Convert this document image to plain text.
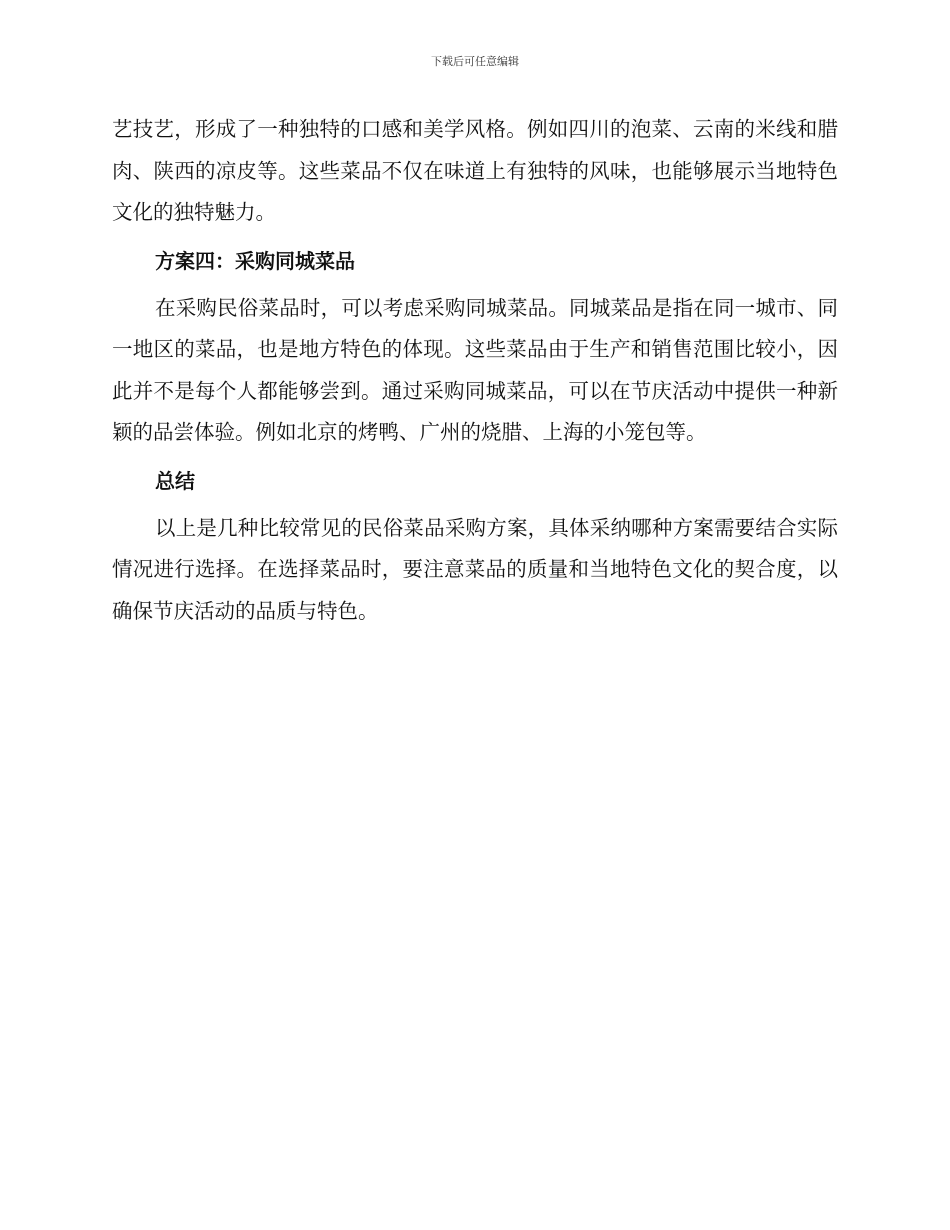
下载后可任意编辑

艺技艺，形成了一种独特的口感和美学风格。例如四川的泡菜、云南的米线和腊肉、陕西的凉皮等。这些菜品不仅在味道上有独特的风味，也能够展示当地特色文化的独特魅力。

方案四：采购同城菜品

在采购民俗菜品时，可以考虑采购同城菜品。同城菜品是指在同一城市、同一地区的菜品，也是地方特色的体现。这些菜品由于生产和销售范围比较小，因此并不是每个人都能够尝到。通过采购同城菜品，可以在节庆活动中提供一种新颖的品尝体验。例如北京的烤鸭、广州的烧腊、上海的小笼包等。

总结

以上是几种比较常见的民俗菜品采购方案，具体采纳哪种方案需要结合实际情况进行选择。在选择菜品时，要注意菜品的质量和当地特色文化的契合度，以确保节庆活动的品质与特色。
